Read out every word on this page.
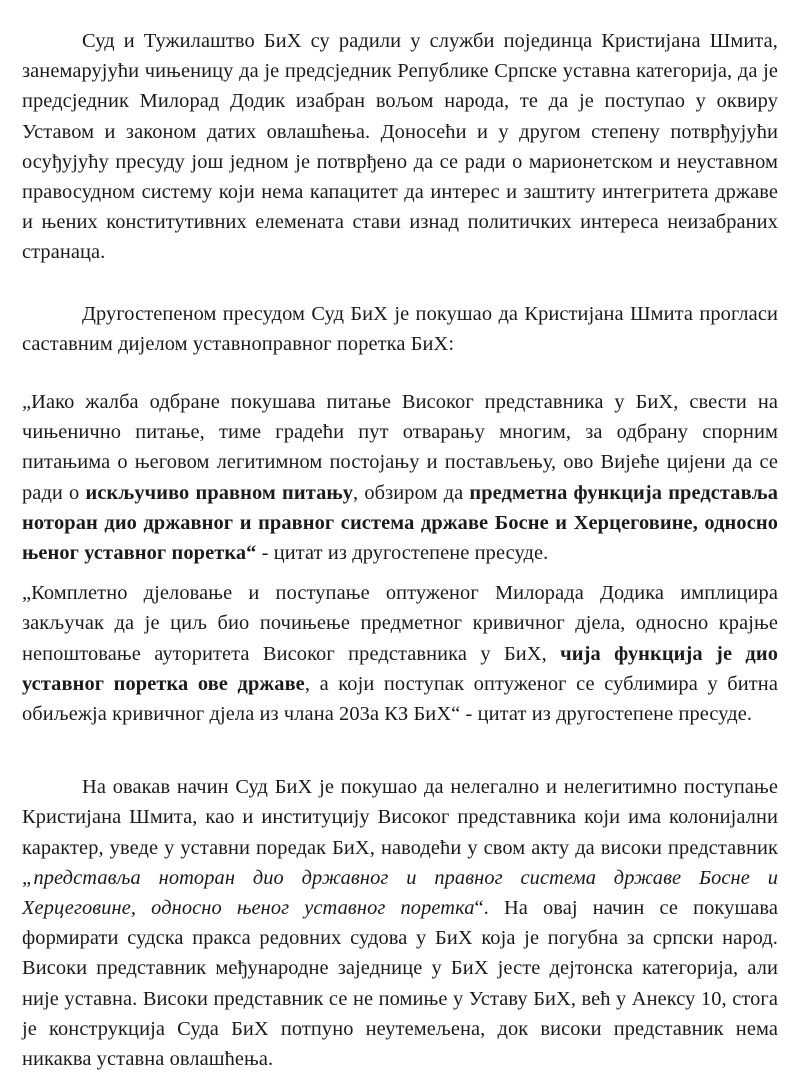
Суд и Тужилаштво БиХ су радили у служби појединца Кристијана Шмита, занемарујући чињеницу да је предсједник Републике Српске уставна категорија, да је предсједник Милорад Додик изабран вољом народа, те да је поступао у оквиру Уставом и законом датих овлашћења. Доносећи и у другом степену потврђујући осуђујућу пресуду још једном је потврђено да се ради о марионетском и неуставном правосудном систему који нема капацитет да интерес и заштиту интегритета државе и њених конститутивних елемената стави изнад политичких интереса неизабраних странаца.

Другостепеном пресудом Суд БиХ је покушао да Кристијана Шмита прогласи саставним дијелом уставноправног поретка БиХ:

„Иако жалба одбране покушава питање Високог представника у БиХ, свести на чињенично питање, тиме градећи пут отварању многим, за одбрану спорним питањима о његовом легитимном постојању и постављењу, ово Вијеће цијени да се ради о искључиво правном питању, обзиром да предметна функција представља нотoран дио државног и правног система државе Босне и Херцеговине, односно њеног уставног поретка“ - цитат из другостепене пресуде.

„Комплетно дјеловање и поступање оптуженог Милорада Додика имплицира закључак да је циљ био почињење предметног кривичног дјела, односно крајње непоштовање ауторитета Високог представника у БиХ, чија функција је дио уставног поретка ове државе, а који поступак оптуженог се сублимира у битна обиљежја кривичног дјела из члана 203а КЗ БиХ“ - цитат из другостепене пресуде.

На овакав начин Суд БиХ је покушао да нелегално и нелегитимно поступање Кристијана Шмита, као и институцију Високог представника који има колонијални карактер, уведе у уставни поредак БиХ, наводећи у свом акту да високи представник „представља нотoран дио државног и правног система државе Босне и Херцеговине, односно њеног уставног поретка“. На овај начин се покушава формирати судска пракса редовних судова у БиХ која је погубна за српски народ. Високи представник међународне заједнице у БиХ јесте дејтонска категорија, али није уставна. Високи представник се не помиње у Уставу БиХ, већ у Анексу 10, стога је конструкција Суда БиХ потпуно неутемељена, док високи представник нема никаква уставна овлашћења.
